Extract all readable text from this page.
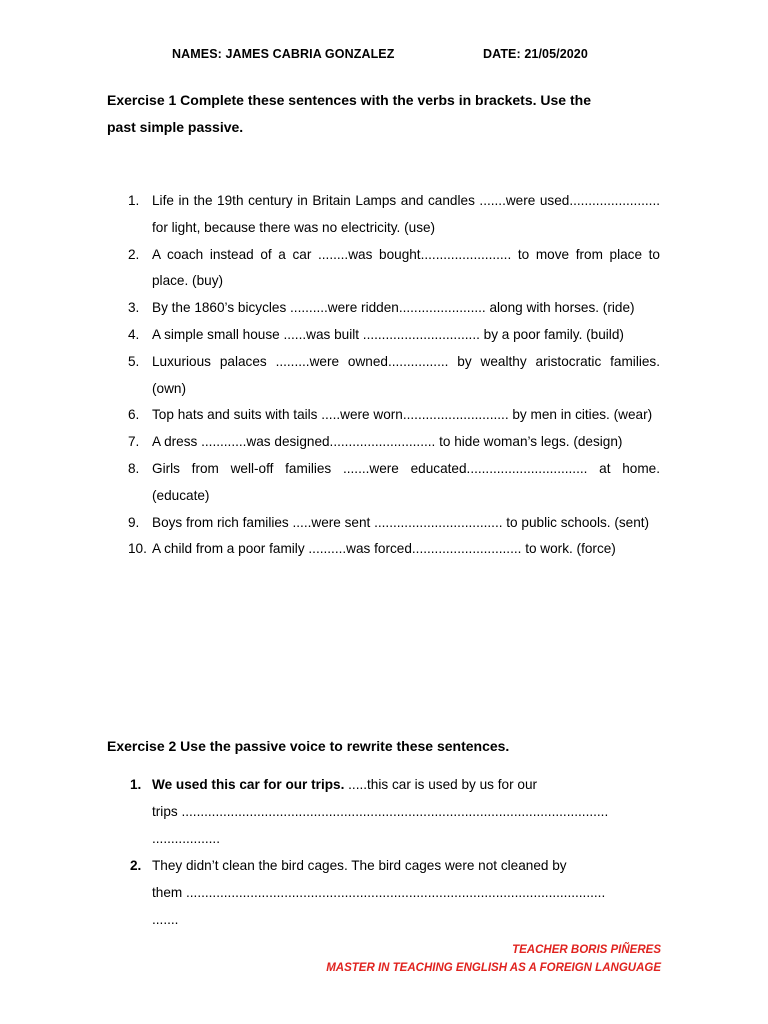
NAMES: JAMES CABRIA GONZALEZ	DATE: 21/05/2020
Exercise 1 Complete these sentences with the verbs in brackets. Use the
past simple passive.
1. Life in the 19th century in Britain Lamps and candles .......were used........................ for light, because there was no electricity. (use)
2. A coach instead of a car ........was bought........................ to move from place to place. (buy)
3. By the 1860’s bicycles ..........were ridden....................... along with horses. (ride)
4. A simple small house ......was built ............................... by a poor family. (build)
5. Luxurious palaces .........were owned................ by wealthy aristocratic families. (own)
6. Top hats and suits with tails .....were worn............................ by men in cities. (wear)
7. A dress ............was designed............................ to hide woman’s legs. (design)
8. Girls from well-off families .......were educated................................ at home. (educate)
9. Boys from rich families .....were sent .................................. to public schools. (sent)
10. A child from a poor family ..........was forced............................. to work. (force)
Exercise 2 Use the passive voice to rewrite these sentences.
1. We used this car for our trips. .....this car is used by us for our
trips .................................................................................................................
..................
2. They didn’t clean the bird cages. The bird cages were not cleaned by
them ...............................................................................................................
.......
TEACHER BORIS PIÑERES
MASTER IN TEACHING ENGLISH AS A FOREIGN LANGUAGE
